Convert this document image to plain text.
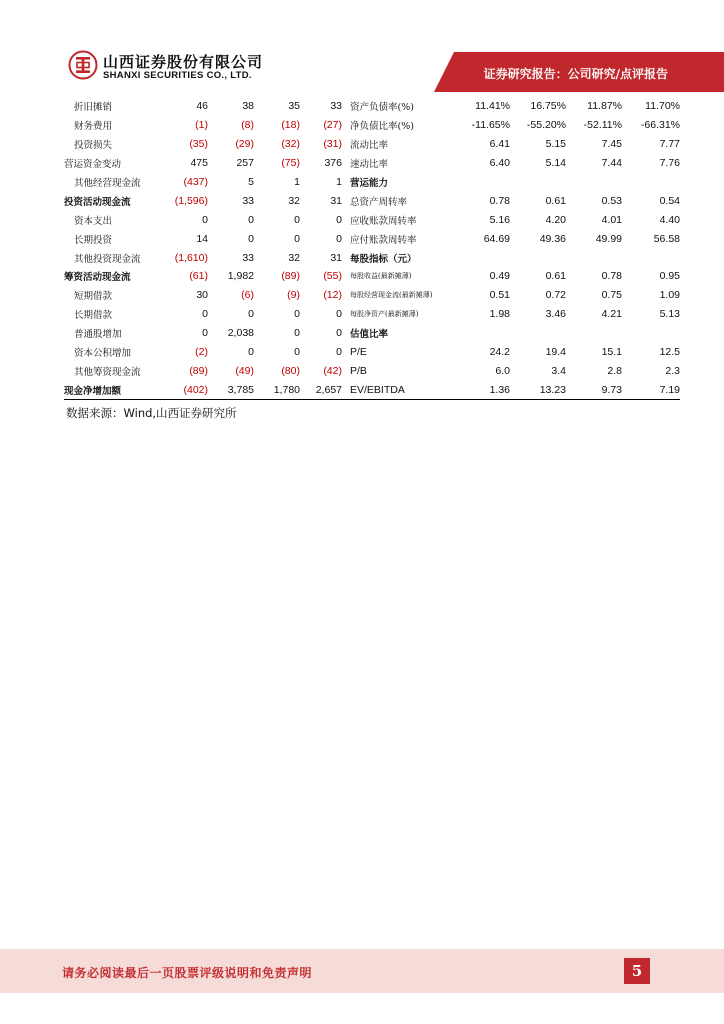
山西证券股份有限公司
SHANXI SECURITIES CO., LTD.	证券研究报告：公司研究/点评报告
折旧摊销	46	38	35	33	资产负债率(%)	11.41%	16.75%	11.87%	11.70%
财务费用	(1)	(8)	(18)	(27)	净负债比率(%)	-11.65%	-55.20%	-52.11%	-66.31%
投资损失	(35)	(29)	(32)	(31)	流动比率	6.41	5.15	7.45	7.77
营运资金变动	475	257	(75)	376	速动比率	6.40	5.14	7.44	7.76
其他经营现金流	(437)	5	1	1	营运能力				
投资活动现金流	(1,596)	33	32	31	总资产周转率	0.78	0.61	0.53	0.54
资本支出	0	0	0	0	应收账款周转率	5.16	4.20	4.01	4.40
长期投资	14	0	0	0	应付账款周转率	64.69	49.36	49.99	56.58
其他投资现金流	(1,610)	33	32	31	每股指标（元）				
筹资活动现金流	(61)	1,982	(89)	(55)	每股收益(最新摊薄)	0.49	0.61	0.78	0.95
短期借款	30	(6)	(9)	(12)	每股经营现金流(最新摊薄)	0.51	0.72	0.75	1.09
长期借款	0	0	0	0	每股净资产(最新摊薄)	1.98	3.46	4.21	5.13
普通股增加	0	2,038	0	0	估值比率				
资本公积增加	(2)	0	0	0	P/E	24.2	19.4	15.1	12.5
其他筹资现金流	(89)	(49)	(80)	(42)	P/B	6.0	3.4	2.8	2.3
现金净增加额	(402)	3,785	1,780	2,657	EV/EBITDA	1.36	13.23	9.73	7.19
数据来源：Wind,山西证券研究所
请务必阅读最后一页股票评级说明和免责声明	5
